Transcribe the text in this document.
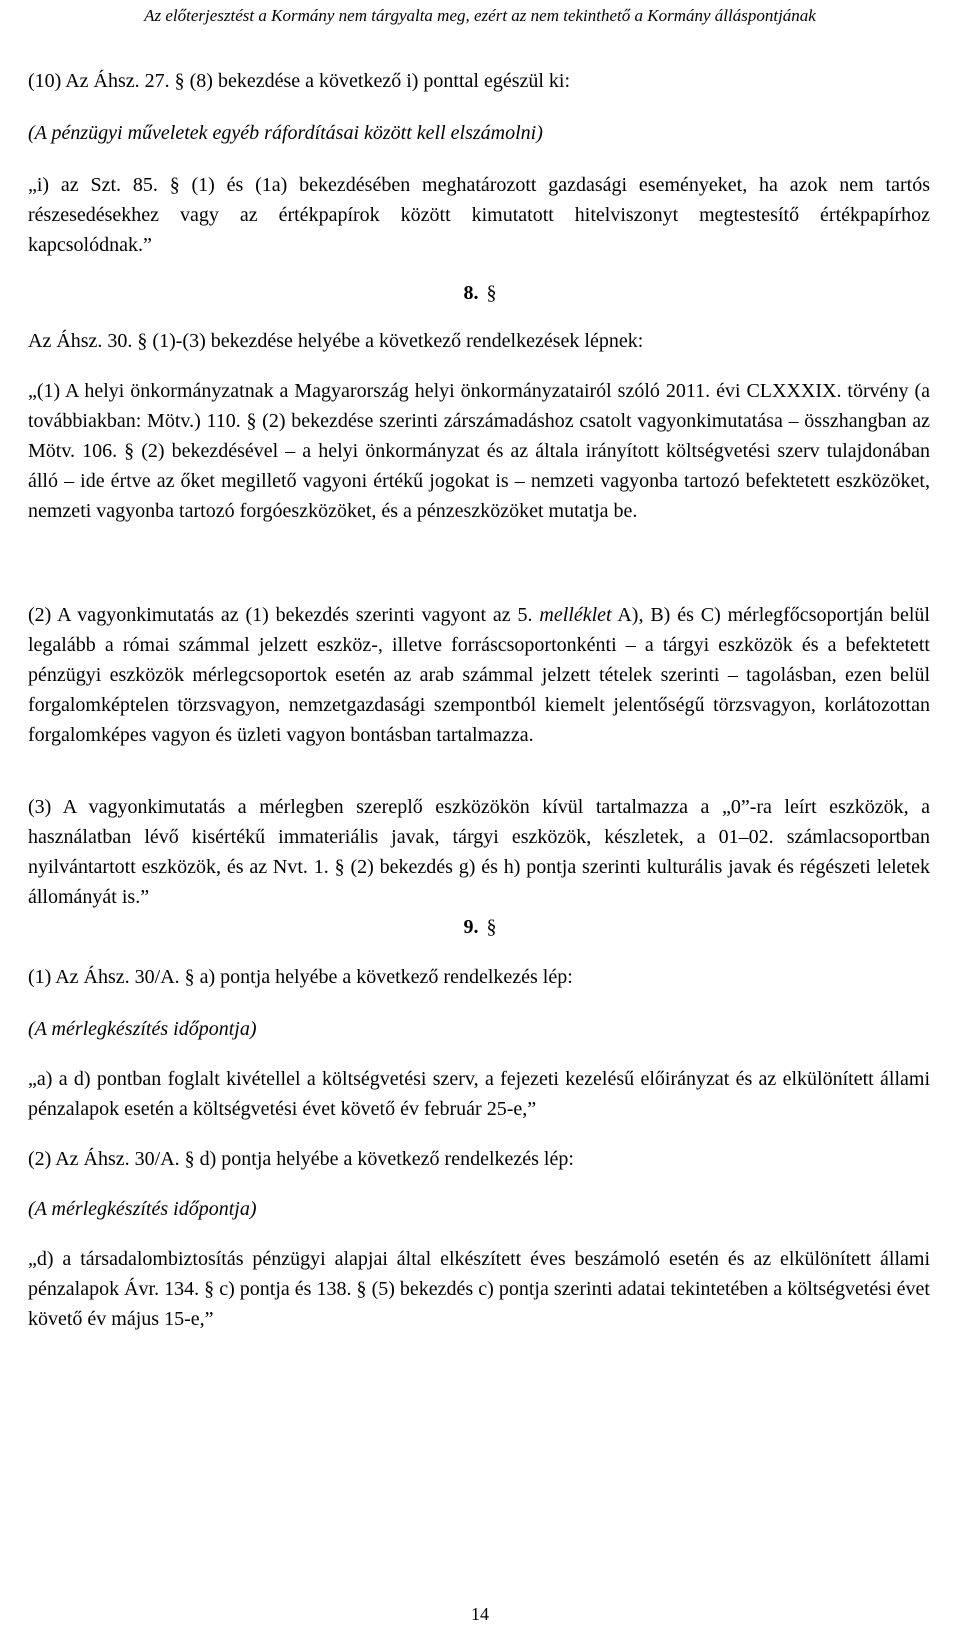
Az előterjesztést a Kormány nem tárgyalta meg, ezért az nem tekinthető a Kormány álláspontjának

(10) Az Áhsz. 27. § (8) bekezdése a következő i) ponttal egészül ki:

(A pénzügyi műveletek egyéb ráfordításai között kell elszámolni)

„i) az Szt. 85. § (1) és (1a) bekezdésében meghatározott gazdasági eseményeket, ha azok nem tartós részesedésekhez vagy az értékpapírok között kimutatott hitelviszonyt megtestesítő értékpapírhoz kapcsolódnak.”

8. §

Az Áhsz. 30. § (1)-(3) bekezdése helyébe a következő rendelkezések lépnek:

„(1) A helyi önkormányzatnak a Magyarország helyi önkormányzatairól szóló 2011. évi CLXXXIX. törvény (a továbbiakban: Mötv.) 110. § (2) bekezdése szerinti zárszámadáshoz csatolt vagyonkimutatása – összhangban az Mötv. 106. § (2) bekezdésével – a helyi önkormányzat és az általa irányított költségvetési szerv tulajdonában álló – ide értve az őket megillető vagyoni értékű jogokat is – nemzeti vagyonba tartozó befektetett eszközöket, nemzeti vagyonba tartozó forgóeszközöket, és a pénzeszközöket mutatja be.

(2) A vagyonkimutatás az (1) bekezdés szerinti vagyont az 5. melléklet A), B) és C) mérlegfőcsoportján belül legalább a római számmal jelzett eszköz-, illetve forráscsoportonkénti – a tárgyi eszközök és a befektetett pénzügyi eszközök mérlegcsoportok esetén az arab számmal jelzett tételek szerinti – tagolásban, ezen belül forgalomképtelen törzsvagyon, nemzetgazdasági szempontból kiemelt jelentőségű törzsvagyon, korlátozottan forgalomképes vagyon és üzleti vagyon bontásban tartalmazza.

(3) A vagyonkimutatás a mérlegben szereplő eszközökön kívül tartalmazza a „0”-ra leírt eszközök, a használatban lévő kisértékű immateriális javak, tárgyi eszközök, készletek, a 01–02. számlacsoportban nyilvántartott eszközök, és az Nvt. 1. § (2) bekezdés g) és h) pontja szerinti kulturális javak és régészeti leletek állományát is.”

9. §

(1) Az Áhsz. 30/A. § a) pontja helyébe a következő rendelkezés lép:

(A mérlegkészítés időpontja)

„a) a d) pontban foglalt kivétellel a költségvetési szerv, a fejezeti kezelésű előirányzat és az elkülönített állami pénzalapok esetén a költségvetési évet követő év február 25-e,”

(2) Az Áhsz. 30/A. § d) pontja helyébe a következő rendelkezés lép:

(A mérlegkészítés időpontja)

„d) a társadalombiztosítás pénzügyi alapjai által elkészített éves beszámoló esetén és az elkülönített állami pénzalapok Ávr. 134. § c) pontja és 138. § (5) bekezdés c) pontja szerinti adatai tekintetében a költségvetési évet követő év május 15-e,”

14
